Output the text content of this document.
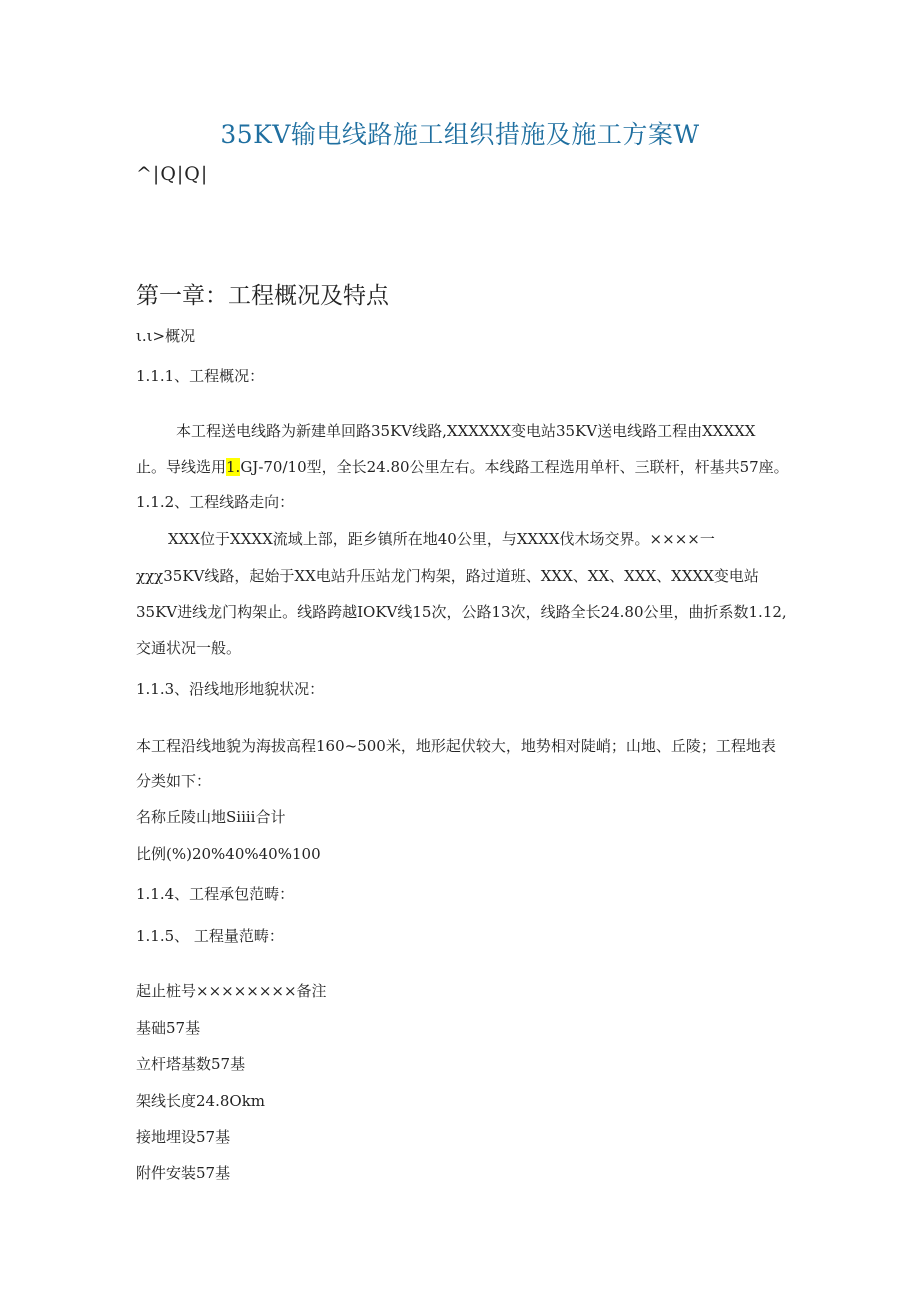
35KV输电线路施工组织措施及施工方案W
^|Q|Q|
第一章：工程概况及特点
ι.ι>概况
1.1.1、工程概况：
本工程送电线路为新建单回路35KV线路,XXXXXX变电站35KV送电线路工程由XXXXX
止。导线选用1.GJ-70/10型，全长24.80公里左右。本线路工程选用单杆、三联杆，杆基共57座。
1.1.2、工程线路走向：
XXX位于XXXX流域上部，距乡镇所在地40公里，与XXXX伐木场交界。××××一
χχχ35KV线路，起始于XX电站升压站龙门构架，路过道班、XXX、XX、XXX、XXXX变电站
35KV进线龙门构架止。线路跨越IOKV线15次，公路13次，线路全长24.80公里，曲折系数1.12,
交通状况一般。
1.1.3、沿线地形地貌状况：
本工程沿线地貌为海拔高程160~500米，地形起伏较大，地势相对陡峭；山地、丘陵；工程地表
分类如下：
名称丘陵山地Siiii合计
比例(%)20%40%40%100
1.1.4、工程承包范畴：
1.1.5、 工程量范畴：
起止桩号××××××××备注
基础57基
立杆塔基数57基
架线长度24.8Okm
接地埋设57基
附件安装57基
